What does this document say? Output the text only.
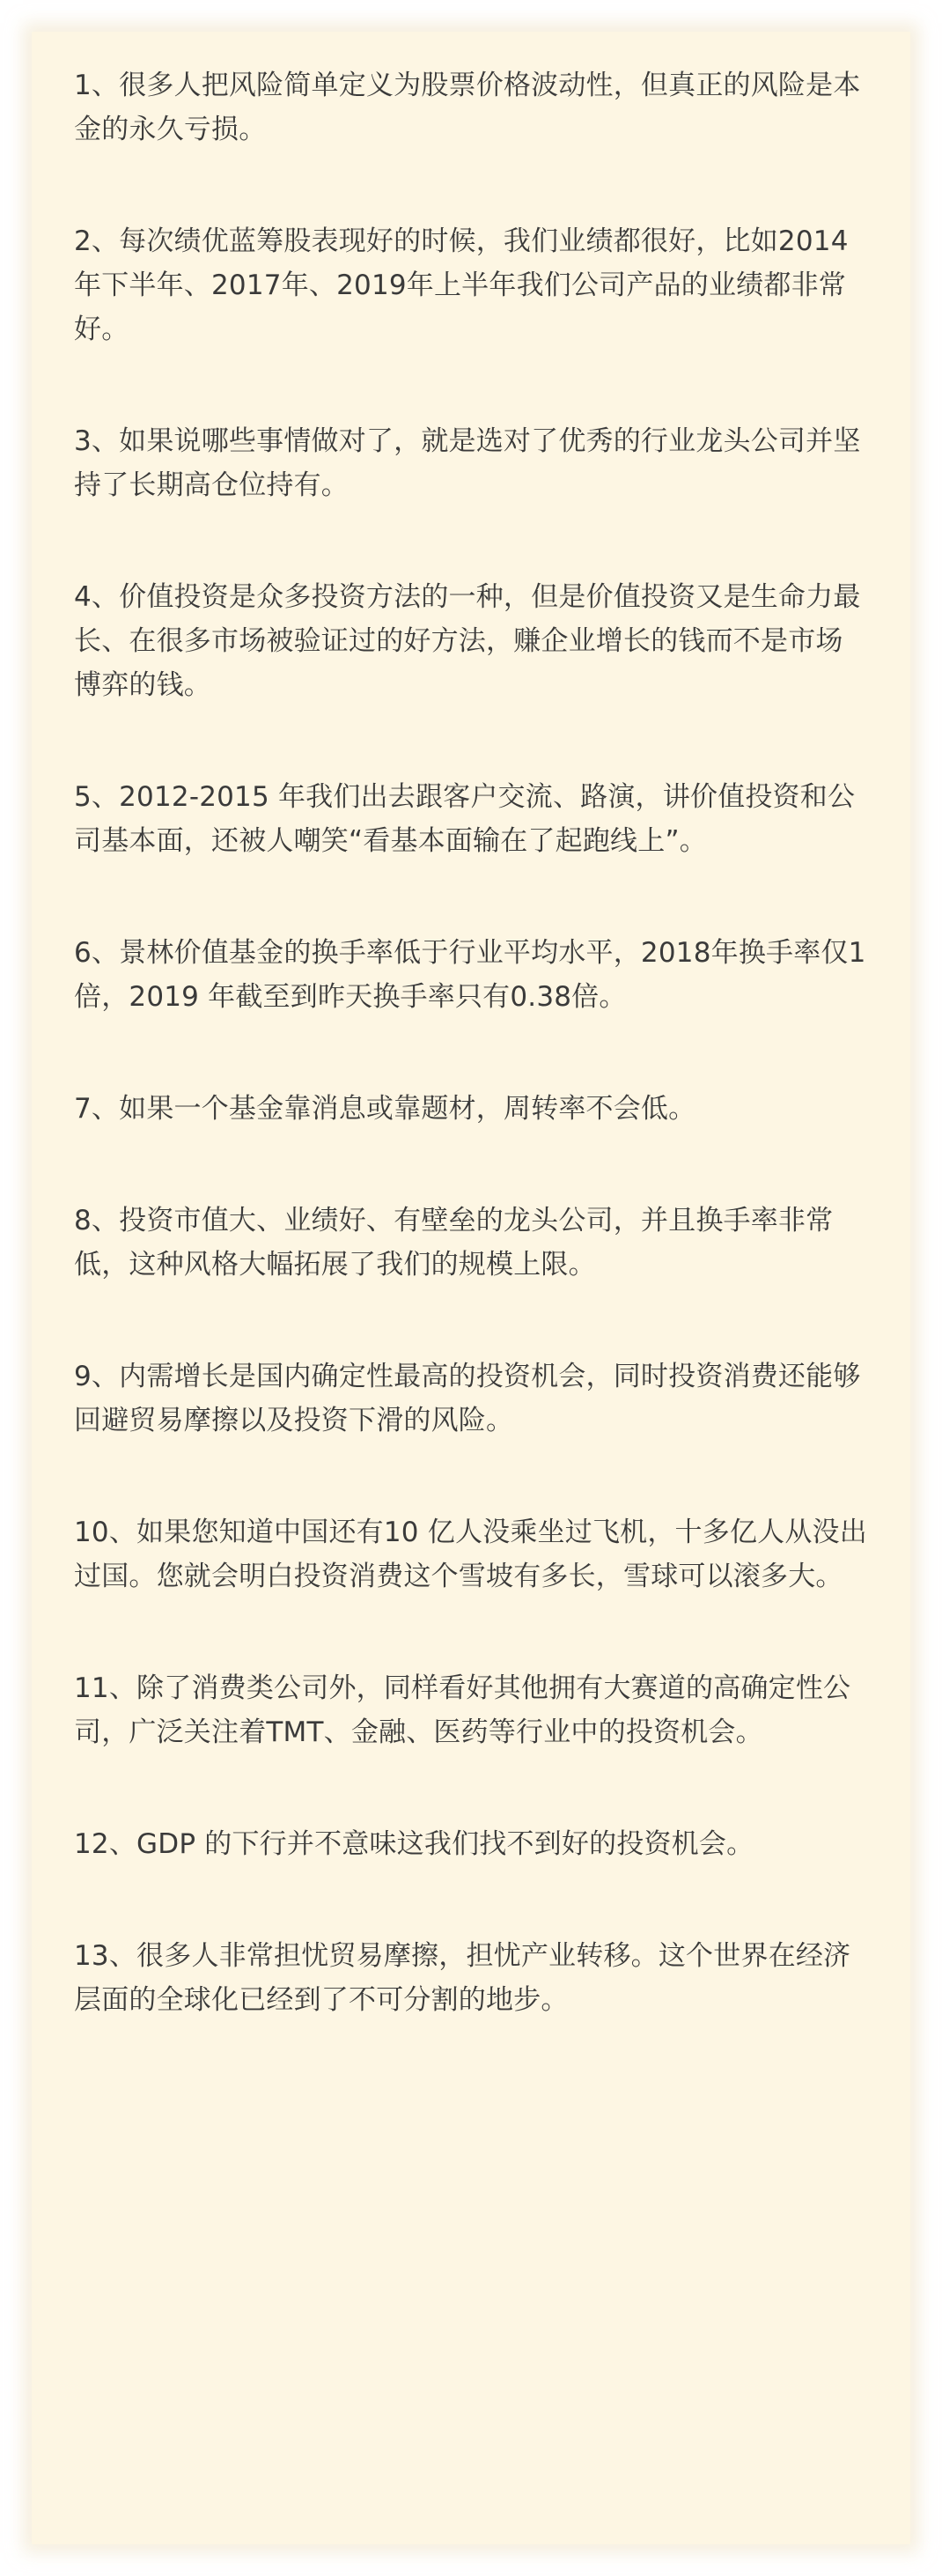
1、很多人把风险简单定义为股票价格波动性，但真正的风险是本金的永久亏损。
2、每次绩优蓝筹股表现好的时候，我们业绩都很好，比如2014年下半年、2017年、2019年上半年我们公司产品的业绩都非常好。
3、如果说哪些事情做对了，就是选对了优秀的行业龙头公司并坚持了长期高仓位持有。
4、价值投资是众多投资方法的一种，但是价值投资又是生命力最长、在很多市场被验证过的好方法，赚企业增长的钱而不是市场博弈的钱。
5、2012-2015 年我们出去跟客户交流、路演，讲价值投资和公司基本面，还被人嘲笑“看基本面输在了起跑线上”。
6、景林价值基金的换手率低于行业平均水平，2018年换手率仅1 倍，2019 年截至到昨天换手率只有0.38倍。
7、如果一个基金靠消息或靠题材，周转率不会低。
8、投资市值大、业绩好、有壁垒的龙头公司，并且换手率非常低，这种风格大幅拓展了我们的规模上限。
9、内需增长是国内确定性最高的投资机会，同时投资消费还能够回避贸易摩擦以及投资下滑的风险。
10、如果您知道中国还有10 亿人没乘坐过飞机，十多亿人从没出过国。您就会明白投资消费这个雪坡有多长，雪球可以滚多大。
11、除了消费类公司外，同样看好其他拥有大赛道的高确定性公司，广泛关注着TMT、金融、医药等行业中的投资机会。
12、GDP 的下行并不意味这我们找不到好的投资机会。
13、很多人非常担忧贸易摩擦，担忧产业转移。这个世界在经济层面的全球化已经到了不可分割的地步。
